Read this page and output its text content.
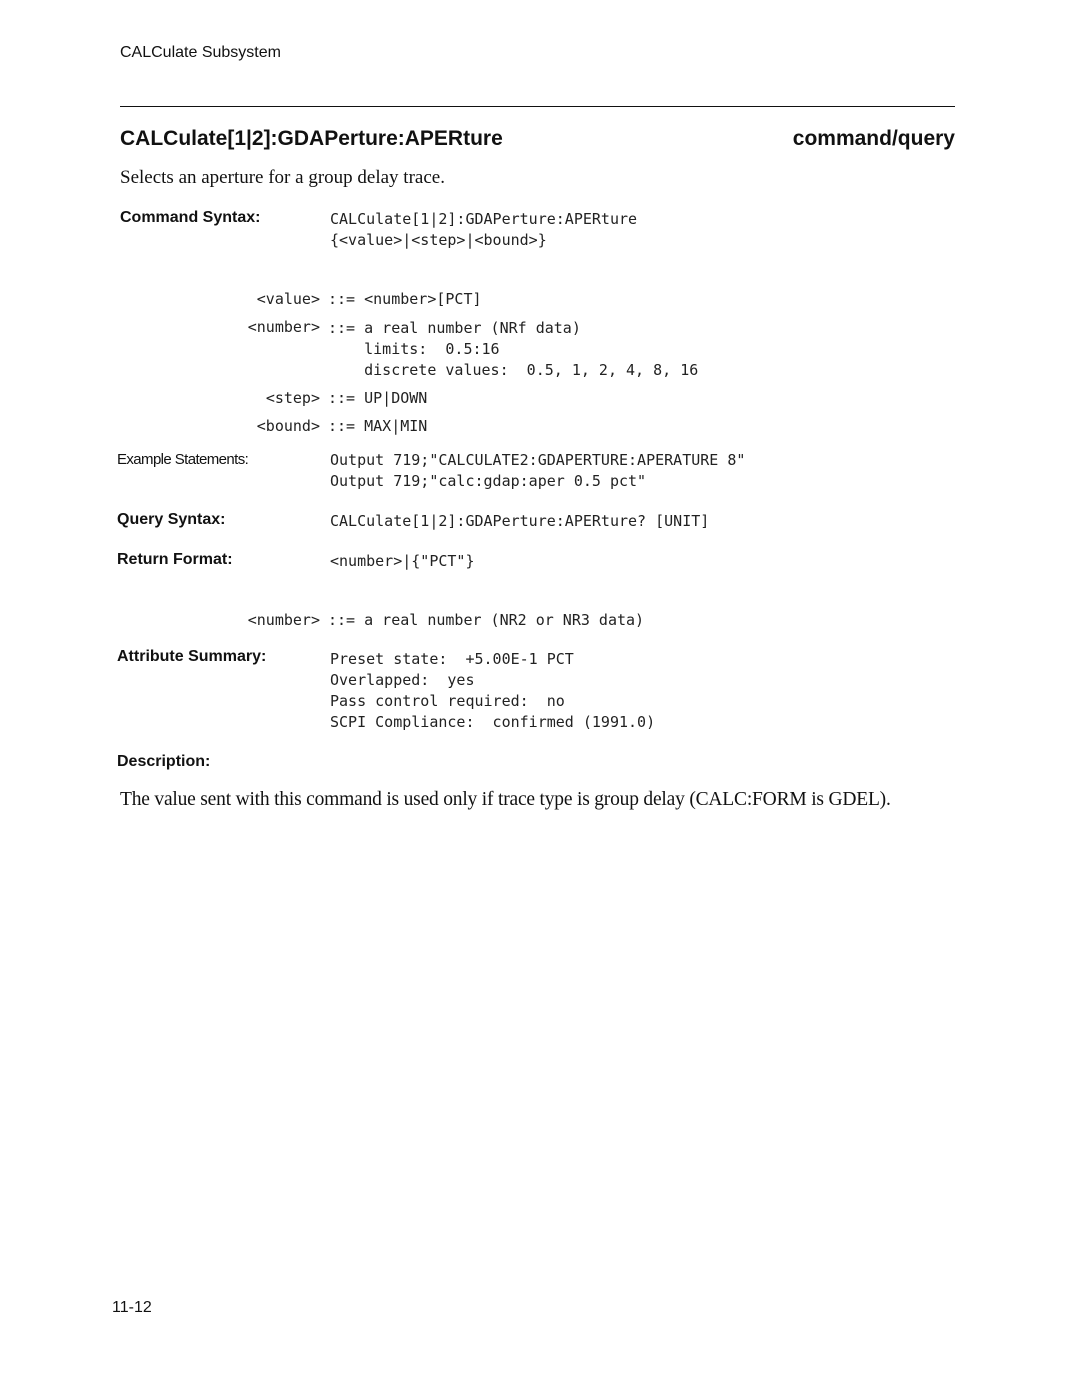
CALCulate Subsystem
CALCulate[1|2]:GDAPerture:APERture	command/query
Selects an aperture for a group delay trace.
Command Syntax:	CALCulate[1|2]:GDAPerture:APERture
{<value>|<step>|<bound>}
<value> ::= <number>[PCT]
<number> ::= a real number (NRf data)
limits:  0.5:16
discrete values:  0.5, 1, 2, 4, 8, 16
<step> ::= UP|DOWN
<bound> ::= MAX|MIN
Example Statements:	Output 719;"CALCULATE2:GDAPERTURE:APERATURE 8"
Output 719;"calc:gdap:aper 0.5 pct"
Query Syntax:	CALCulate[1|2]:GDAPerture:APERture? [UNIT]
Return Format:	<number>|{"PCT"}
<number> ::= a real number (NR2 or NR3 data)
Attribute Summary:	Preset state:  +5.00E-1 PCT
Overlapped:  yes
Pass control required:  no
SCPI Compliance:  confirmed (1991.0)
Description:
The value sent with this command is used only if trace type is group delay (CALC:FORM is GDEL).
11-12
